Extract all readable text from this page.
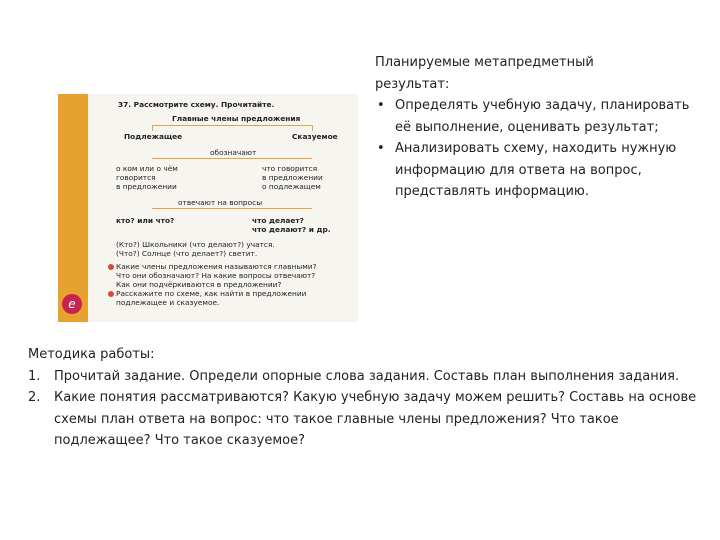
37. Рассмотрите схему. Прочитайте.
Главные члены предложения
Подлежащее	Сказуемое
обозначают
о ком или о чём
говорится
в предложении
что говорится
в предложении
о подлежащем
отвечают на вопросы
кто? или что?	что делает?
что делают? и др.
(Кто?) Школьники (что делают?) учатся.
(Что?) Солнце (что делает?) светит.
Какие члены предложения называются главными?
Что они обозначают? На какие вопросы отвечают?
Как они подчёркиваются в предложении?
Расскажите по схеме, как найти в предложении
подлежащее и сказуемое.
e
Планируемые метапредметный
результат:
• Определять учебную задачу, планировать её выполнение, оценивать результат;
• Анализировать схему, находить нужную информацию для ответа на вопрос, представлять информацию.
Методика работы:
1. Прочитай задание. Определи опорные слова задания. Составь план выполнения задания.
2. Какие понятия рассматриваются? Какую учебную задачу можем решить? Составь на основе схемы план ответа на вопрос: что такое главные члены предложения? Что такое подлежащее? Что такое сказуемое?
